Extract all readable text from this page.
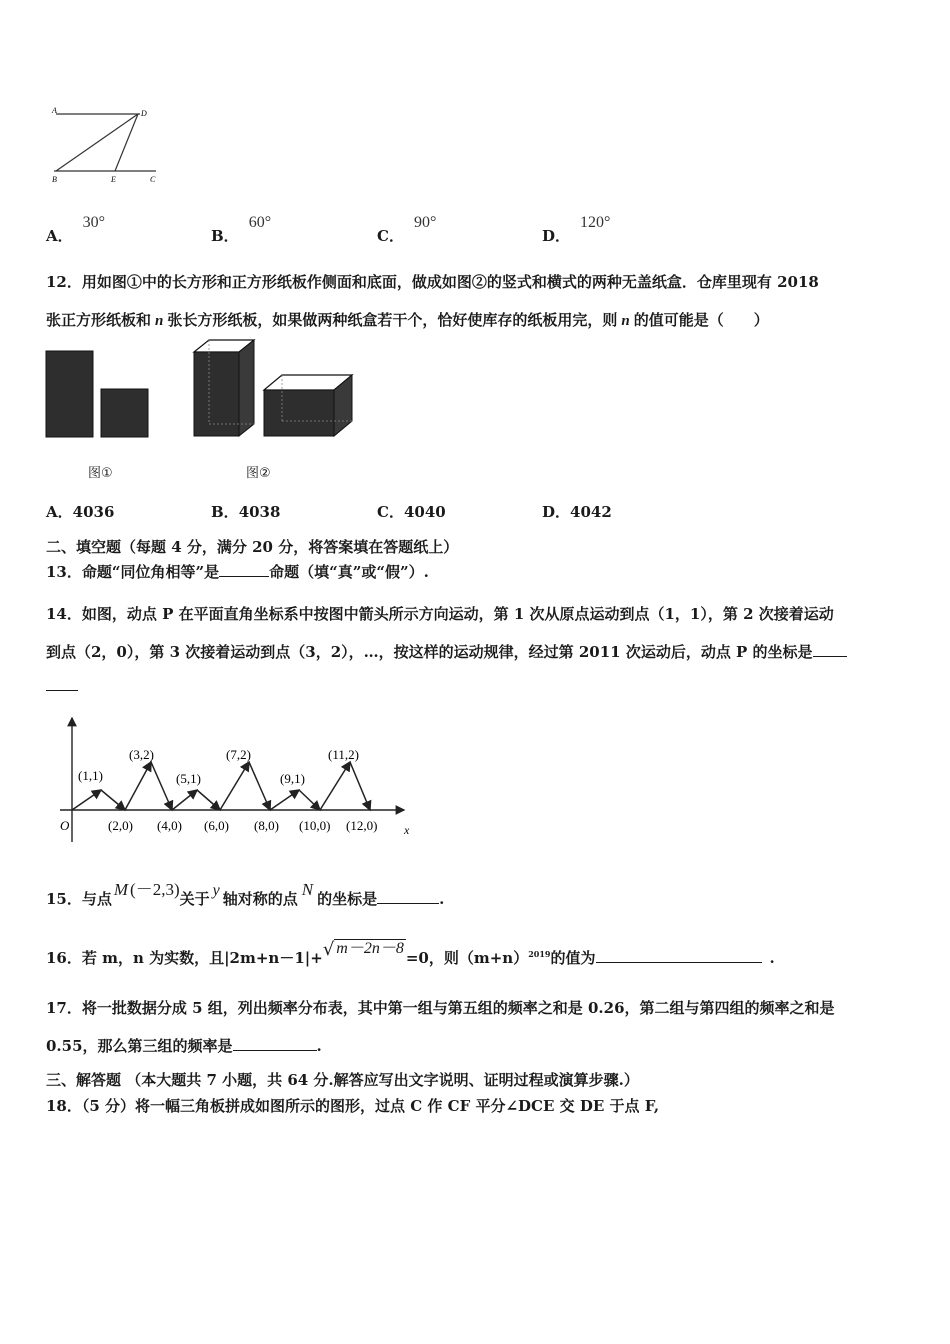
A	D
B	E	C
A．30°
B．60°
C．90°
D．120°
12．用如图①中的长方形和正方形纸板作侧面和底面，做成如图②的竖式和横式的两种无盖纸盒．仓库里现有 2018
张正方形纸板和 n 张长方形纸板，如果做两种纸盒若干个，恰好使库存的纸板用完，则 n 的值可能是（　　）
图①	图②
A．4036	B．4038	C．4040	D．4042
二、填空题（每题 4 分，满分 20 分，将答案填在答题纸上）
13．命题“同位角相等”是	命题（填“真”或“假”）.
14．如图，动点 P 在平面直角坐标系中按图中箭头所示方向运动，第 1 次从原点运动到点（1，1），第 2 次接着运动
到点（2，0），第 3 次接着运动到点（3，2），…，按这样的运动规律，经过第 2011 次运动后，动点 P 的坐标是
O	x
(1,1)
(3,2)
(5,1)
(7,2)
(9,1)
(11,2)
(2,0) (4,0) (6,0) (8,0) (10,0) (12,0)
15．与点 M (－2,3)关于 y 轴对称的点 N 的坐标是	.
16．若 m，n 为实数，且|2m+n－1|+√ m－2n－8=0，则$(m+n)^{2019}$的值为	.
17．将一批数据分成 5 组，列出频率分布表，其中第一组与第五组的频率之和是 0.26，第二组与第四组的频率之和是
0.55，那么第三组的频率是	.
三、解答题 （本大题共 7 小题，共 64 分.解答应写出文字说明、证明过程或演算步骤.）
18．（5 分）将一幅三角板拼成如图所示的图形，过点 C 作 CF 平分∠DCE 交 DE 于点 F,
